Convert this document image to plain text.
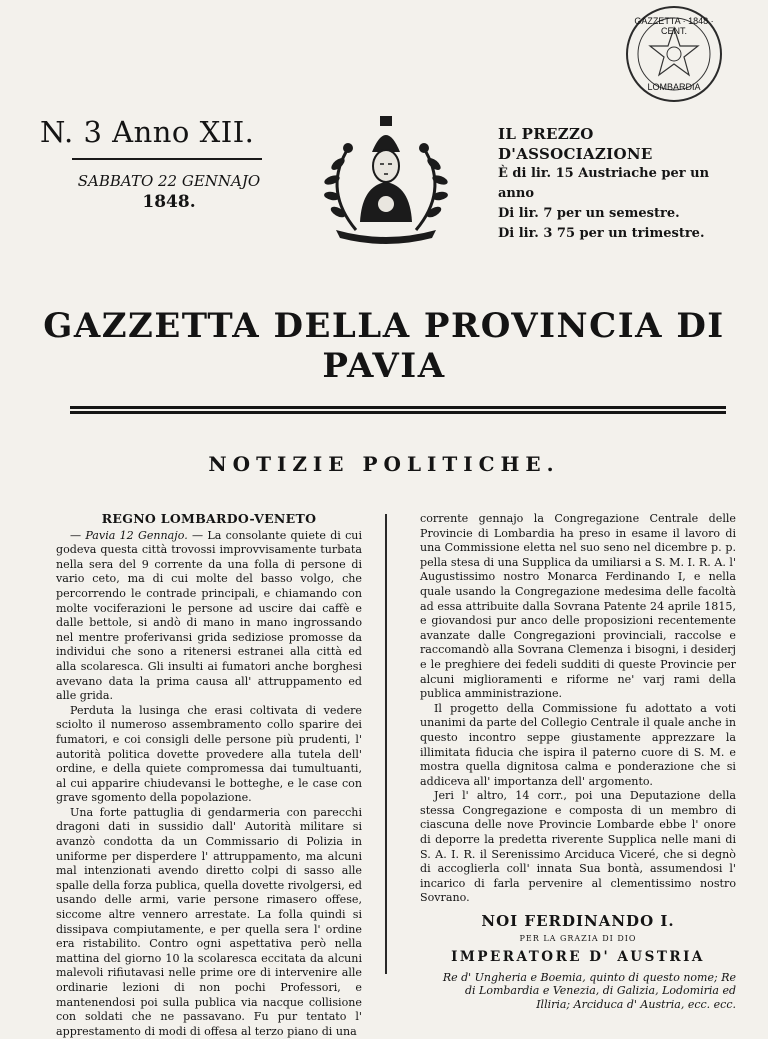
GAZZETTA · 1848 · CENT.
LOMBARDIA
N. 3 Anno XII.
SABBATO 22 GENNAJO
1848.
IL PREZZO D'ASSOCIAZIONE
È di lir. 15 Austriache per un anno
Di lir. 7 per un semestre.
Di lir. 3 75 per un trimestre.
GAZZETTA DELLA PROVINCIA DI PAVIA
NOTIZIE POLITICHE.
REGNO LOMBARDO-VENETO

— Pavia 12 Gennajo. — La consolante quiete di cui godeva questa città trovossi improvvisamente turbata nella sera del 9 corrente da una folla di persone di vario ceto, ma di cui molte del basso volgo, che percorrendo le contrade principali, e chiamando con molte vociferazioni le persone ad uscire dai caffè e dalle bettole, si andò di mano in mano ingrossando nel mentre proferivansi grida sediziose promosse da individui che sono a ritenersi estranei alla città ed alla scolaresca. Gli insulti ai fumatori anche borghesi avevano data la prima causa all' attruppamento ed alle grida.

Perduta la lusinga che erasi coltivata di vedere sciolto il numeroso assembramento collo sparire dei fumatori, e coi consigli delle persone più prudenti, l' autorità politica dovette provedere alla tutela dell' ordine, e della quiete compromessa dai tumultuanti, al cui apparire chiudevansi le botteghe, e le case con grave sgomento della popolazione.

Una forte pattuglia di gendarmeria con parecchi dragoni dati in sussidio dall' Autorità militare si avanzò condotta da un Commissario di Polizia in uniforme per disperdere l' attruppamento, ma alcuni mal intenzionati avendo diretto colpi di sasso alle spalle della forza publica, quella dovette rivolgersi, ed usando delle armi, varie persone rimasero offese, siccome altre vennero arrestate. La folla quindi si dissipava compiutamente, e per quella sera l' ordine era ristabilito. Contro ogni aspettativa però nella mattina del giorno 10 la scolaresca eccitata da alcuni malevoli rifiutavasi nelle prime ore di intervenire alle ordinarie lezioni di non pochi Professori, e mantenendosi poi sulla publica via nacque collisione con soldati che ne passavano. Fu pur tentato l' apprestamento di modi di offesa al terzo piano di una

corrente gennajo la Congregazione Centrale delle Provincie di Lombardia ha preso in esame il lavoro di una Commissione eletta nel suo seno nel dicembre p. p. pella stesa di una Supplica da umiliarsi a S. M. I. R. A. l' Augustissimo nostro Monarca Ferdinando I, e nella quale usando la Congregazione medesima delle facoltà ad essa attribuite dalla Sovrana Patente 24 aprile 1815, e giovandosi pur anco delle proposizioni recentemente avanzate dalle Congregazioni provinciali, raccolse e raccomandò alla Sovrana Clemenza i bisogni, i desiderj e le preghiere dei fedeli sudditi di queste Provincie per alcuni miglioramenti e riforme ne' varj rami della publica amministrazione.

Il progetto della Commissione fu adottato a voti unanimi da parte del Collegio Centrale il quale anche in questo incontro seppe giustamente apprezzare la illimitata fiducia che ispira il paterno cuore di S. M. e mostra quella dignitosa calma e ponderazione che si addiceva all' importanza dell' argomento.

Jeri l' altro, 14 corr., poi una Deputazione della stessa Congregazione e composta di un membro di ciascuna delle nove Provincie Lombarde ebbe l' onore di deporre la predetta riverente Supplica nelle mani di S. A. I. R. il Serenissimo Arciduca Viceré, che si degnò di accoglierla coll' innata Sua bontà, assumendosi l' incarico di farla pervenire al clementissimo nostro Sovrano.

NOI FERDINANDO I.
PER LA GRAZIA DI DIO
IMPERATORE D' AUSTRIA
Re d' Ungheria e Boemia, quinto di questo nome; Re di Lombardia e Venezia, di Galizia, Lodomiria ed Illiria; Arciduca d' Austria, ecc. ecc.
